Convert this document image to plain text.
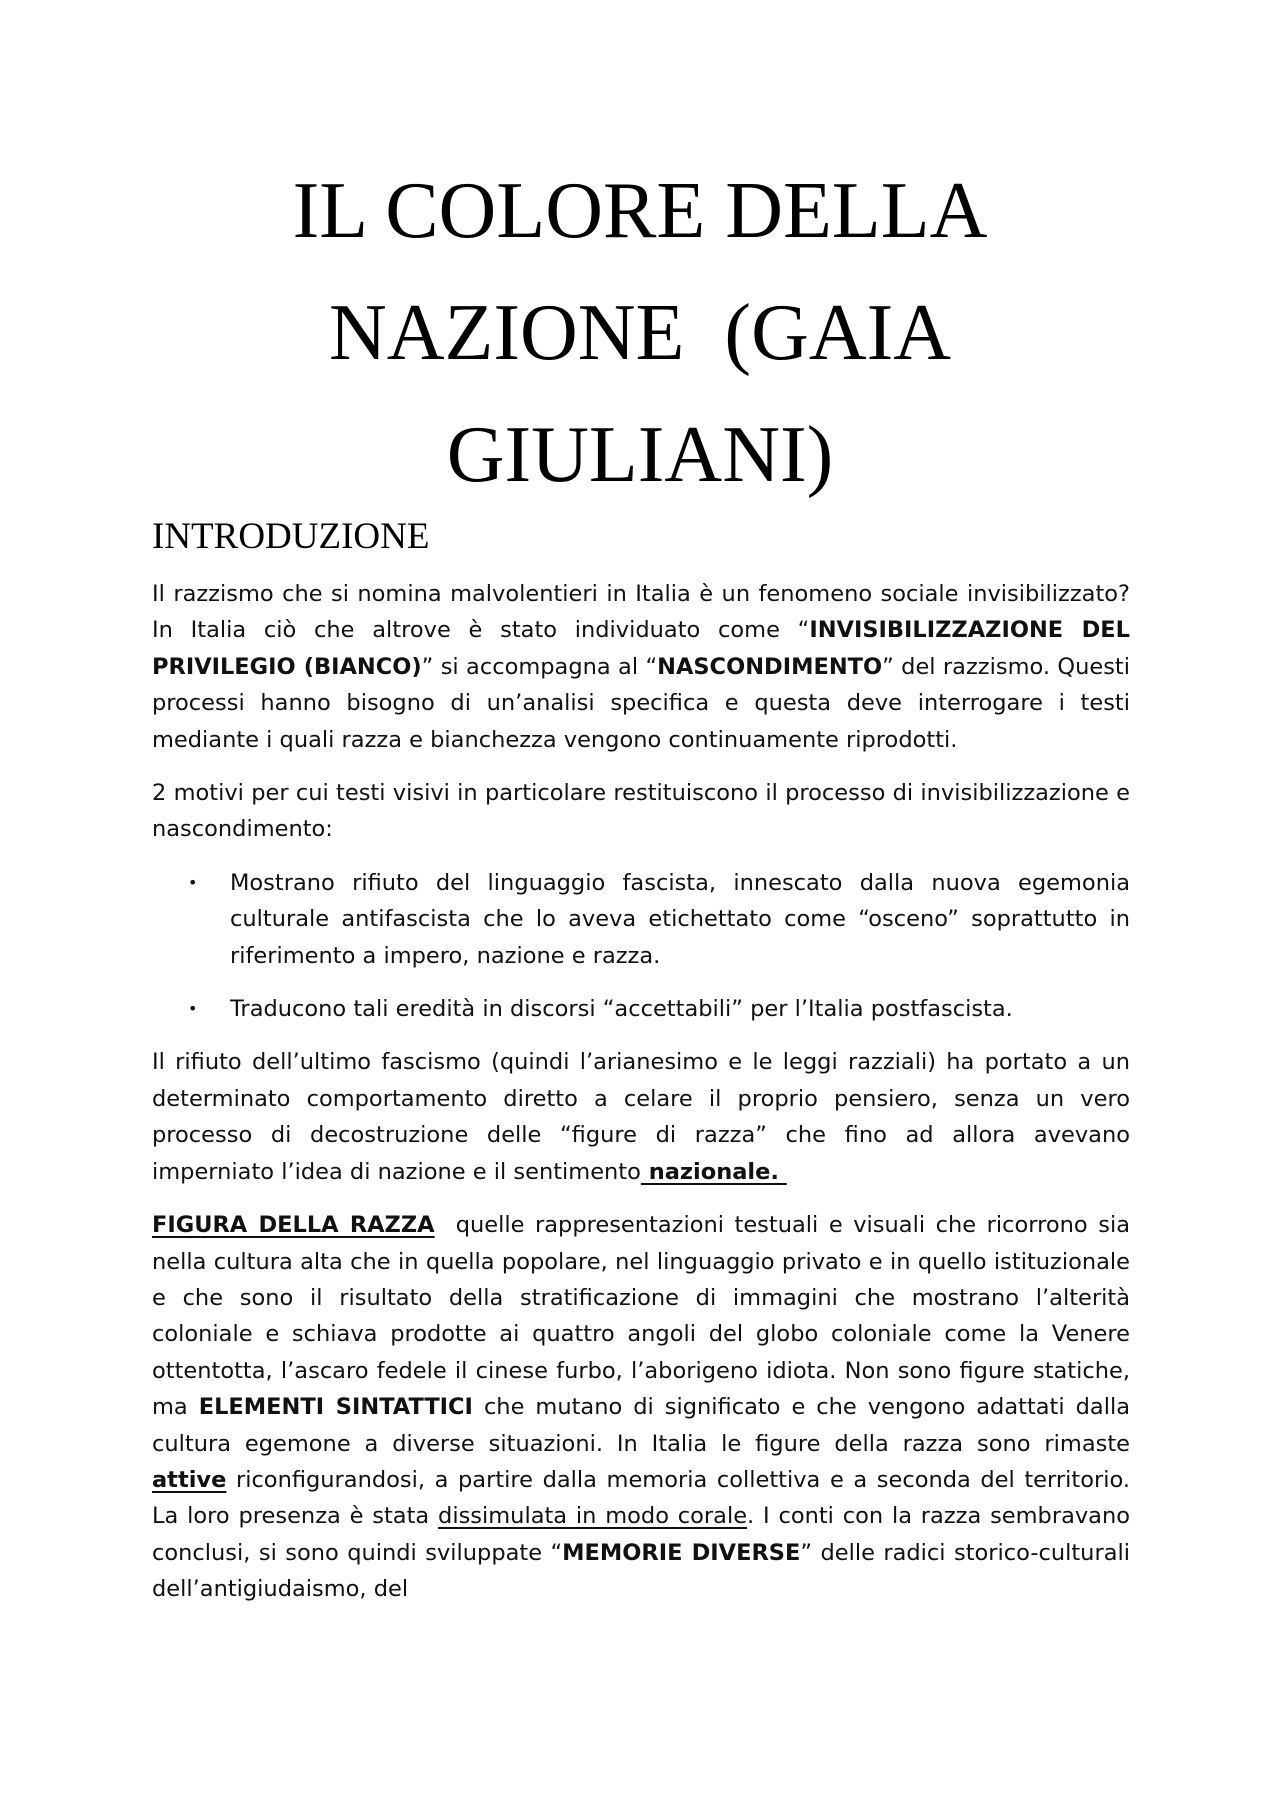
IL COLORE DELLA
NAZIONE  (GAIA
GIULIANI)
INTRODUZIONE

Il razzismo che si nomina malvolentieri in Italia è un fenomeno sociale invisibilizzato? In Italia ciò che altrove è stato individuato come “INVISIBILIZZAZIONE DEL PRIVILEGIO (BIANCO)” si accompagna al “NASCONDIMENTO” del razzismo. Questi processi hanno bisogno di un’analisi specifica e questa deve interrogare i testi mediante i quali razza e bianchezza vengono continuamente riprodotti.

2 motivi per cui testi visivi in particolare restituiscono il processo di invisibilizzazione e nascondimento:

• Mostrano rifiuto del linguaggio fascista, innescato dalla nuova egemonia culturale antifascista che lo aveva etichettato come “osceno” soprattutto in riferimento a impero, nazione e razza.
• Traducono tali eredità in discorsi “accettabili” per l’Italia postfascista.

Il rifiuto dell’ultimo fascismo (quindi l’arianesimo e le leggi razziali) ha portato a un determinato comportamento diretto a celare il proprio pensiero, senza un vero processo di decostruzione delle “figure di razza” che fino ad allora avevano imperniato l’idea di nazione e il sentimento nazionale.

FIGURA DELLA RAZZA  quelle rappresentazioni testuali e visuali che ricorrono sia nella cultura alta che in quella popolare, nel linguaggio privato e in quello istituzionale e che sono il risultato della stratificazione di immagini che mostrano l’alterità coloniale e schiava prodotte ai quattro angoli del globo coloniale come la Venere ottentotta, l’ascaro fedele il cinese furbo, l’aborigeno idiota. Non sono figure statiche, ma ELEMENTI SINTATTICI che mutano di significato e che vengono adattati dalla cultura egemone a diverse situazioni. In Italia le figure della razza sono rimaste attive riconfigurandosi, a partire dalla memoria collettiva e a seconda del territorio. La loro presenza è stata dissimulata in modo corale. I conti con la razza sembravano conclusi, si sono quindi sviluppate “MEMORIE DIVERSE” delle radici storico-culturali dell’antigiudaismo, del
